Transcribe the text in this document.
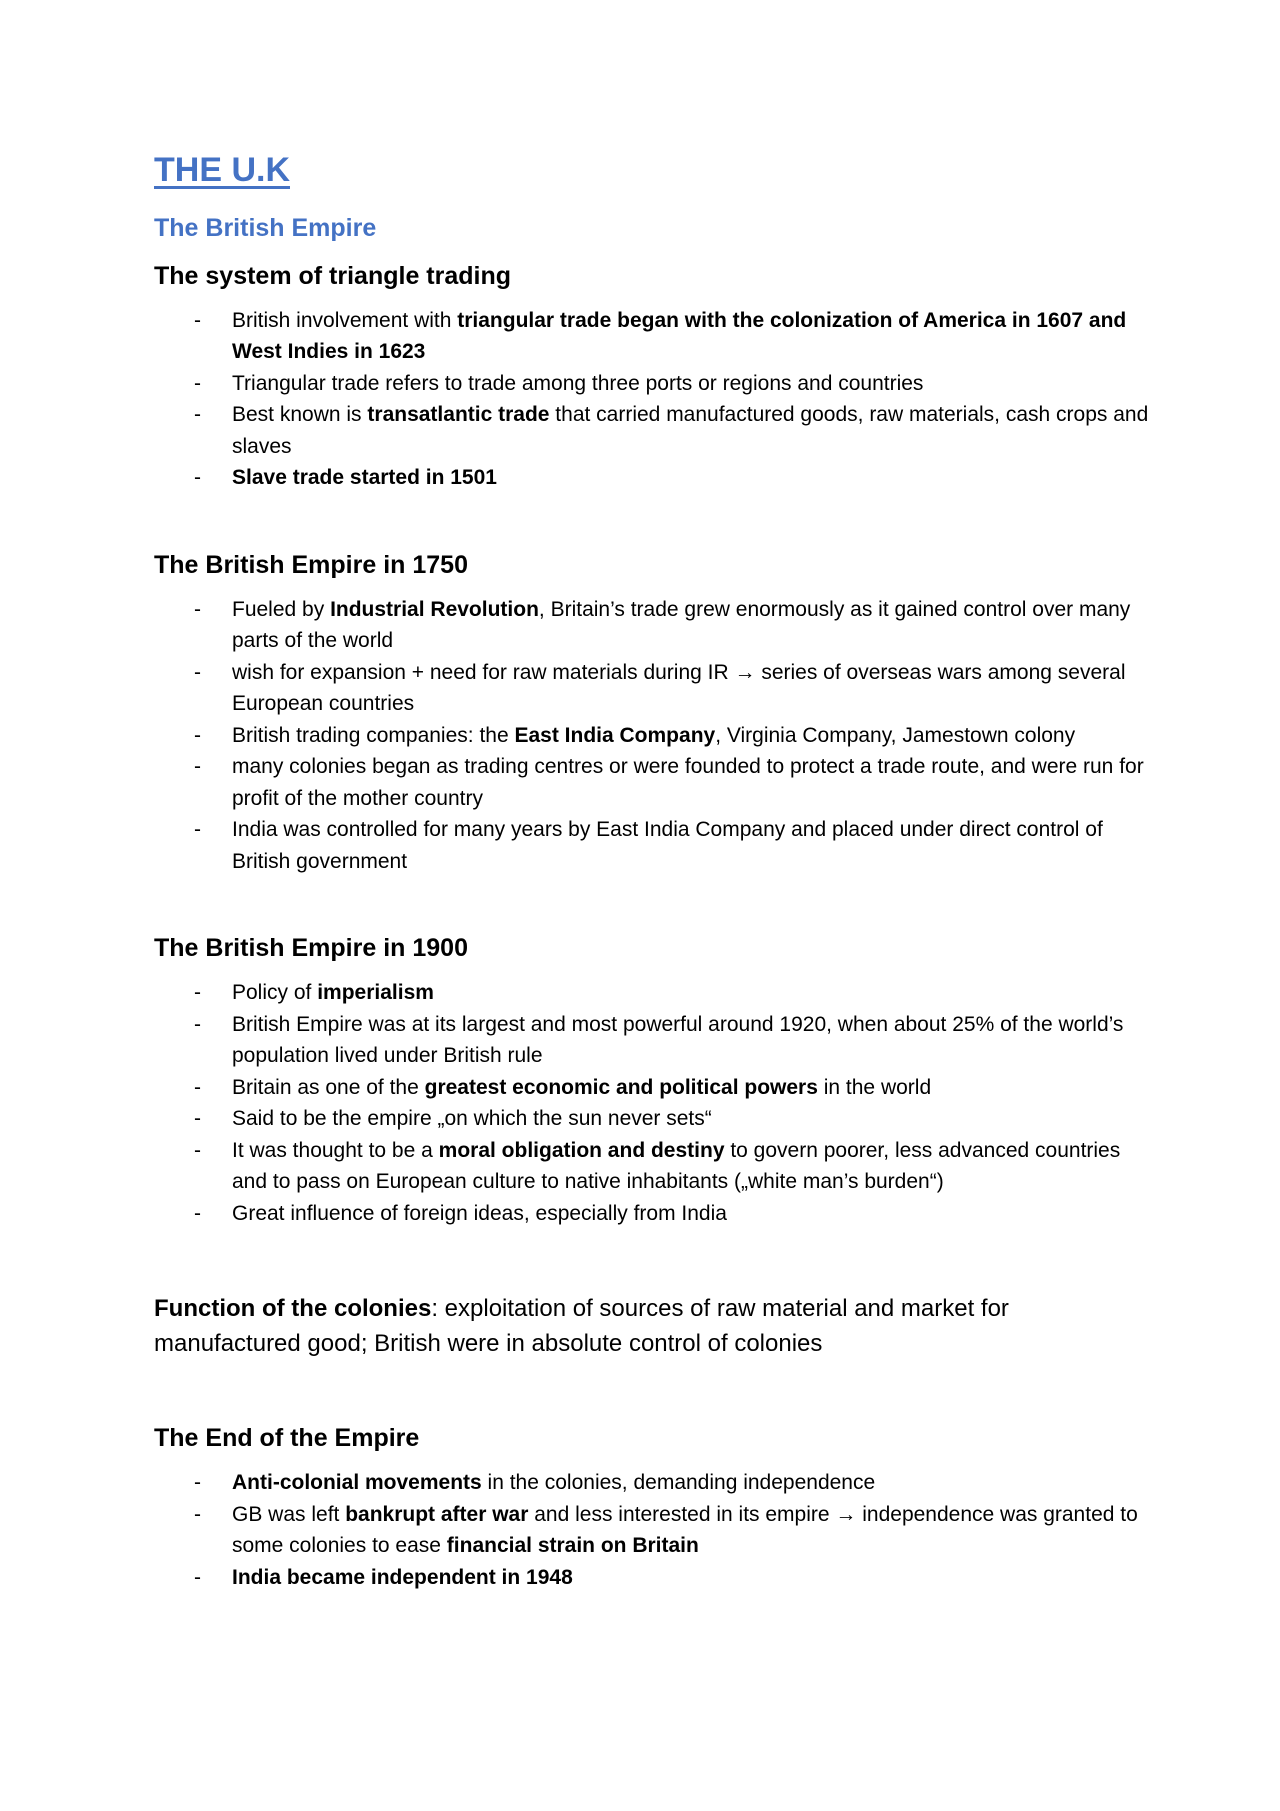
THE U.K
The British Empire
The system of triangle trading
- British involvement with triangular trade began with the colonization of America in 1607 and West Indies in 1623
- Triangular trade refers to trade among three ports or regions and countries
- Best known is transatlantic trade that carried manufactured goods, raw materials, cash crops and slaves
- Slave trade started in 1501
The British Empire in 1750
- Fueled by Industrial Revolution, Britain’s trade grew enormously as it gained control over many parts of the world
- wish for expansion + need for raw materials during IR → series of overseas wars among several European countries
- British trading companies: the East India Company, Virginia Company, Jamestown colony
- many colonies began as trading centres or were founded to protect a trade route, and were run for profit of the mother country
- India was controlled for many years by East India Company and placed under direct control of British government
The British Empire in 1900
- Policy of imperialism
- British Empire was at its largest and most powerful around 1920, when about 25% of the world’s population lived under British rule
- Britain as one of the greatest economic and political powers in the world
- Said to be the empire „on which the sun never sets“
- It was thought to be a moral obligation and destiny to govern poorer, less advanced countries and to pass on European culture to native inhabitants („white man’s burden“)
- Great influence of foreign ideas, especially from India

Function of the colonies: exploitation of sources of raw material and market for manufactured good; British were in absolute control of colonies

The End of the Empire
- Anti-colonial movements in the colonies, demanding independence
- GB was left bankrupt after war and less interested in its empire → independence was granted to some colonies to ease financial strain on Britain
- India became independent in 1948
